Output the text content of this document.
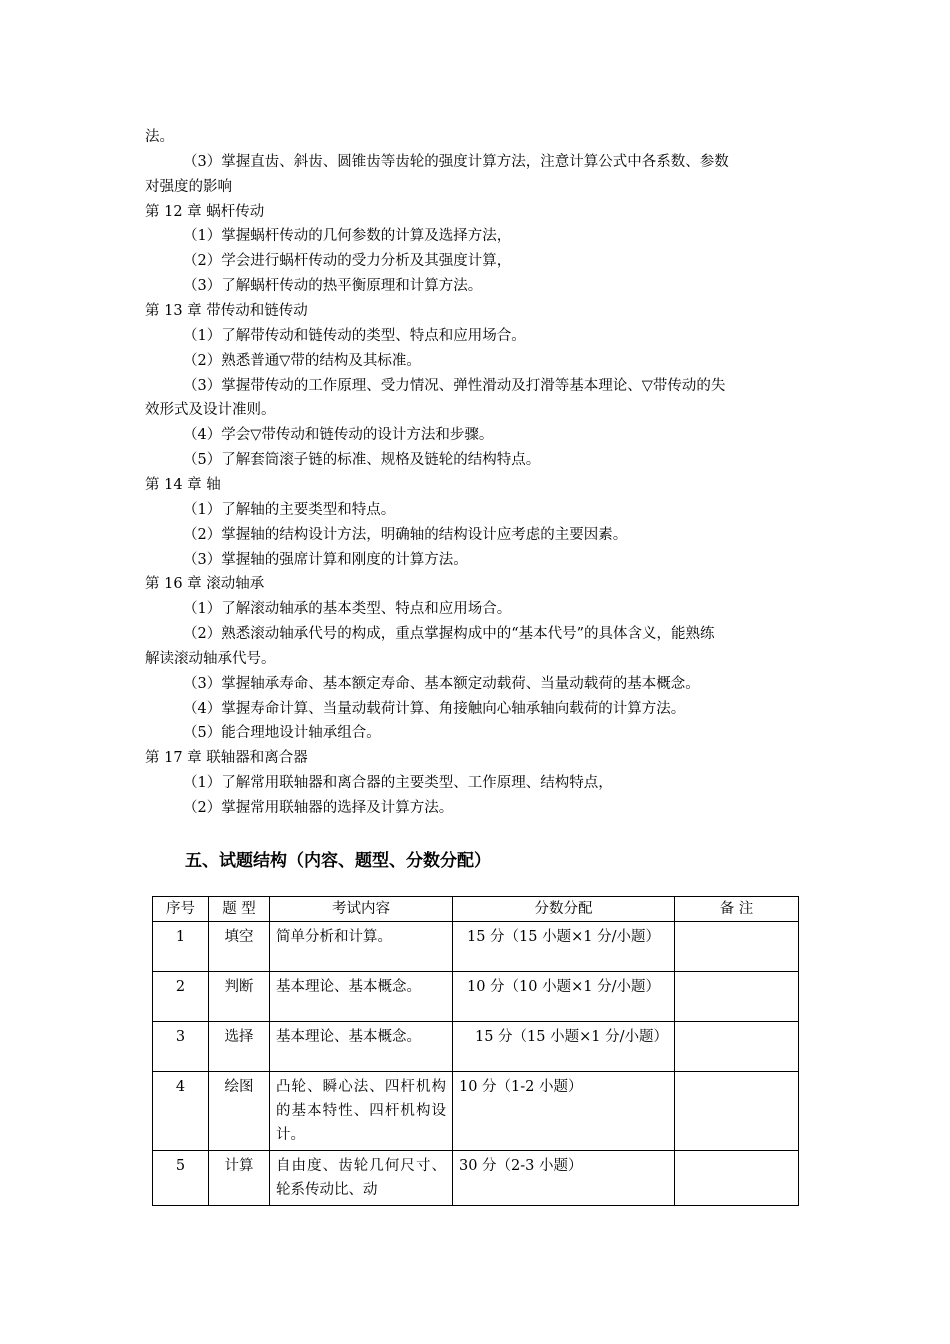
法。
（3）掌握直齿、斜齿、圆锥齿等齿轮的强度计算方法，注意计算公式中各系数、参数
对强度的影响
第 12 章 蜗杆传动
（1）掌握蜗杆传动的几何参数的计算及选择方法，
（2）学会进行蜗杆传动的受力分析及其强度计算，
（3）了解蜗杆传动的热平衡原理和计算方法。
第 13 章 带传动和链传动
（1）了解带传动和链传动的类型、特点和应用场合。
（2）熟悉普通▽带的结构及其标准。
（3）掌握带传动的工作原理、受力情况、弹性滑动及打滑等基本理论、▽带传动的失
效形式及设计准则。
（4）学会▽带传动和链传动的设计方法和步骤。
（5）了解套筒滚子链的标准、规格及链轮的结构特点。
第 14 章 轴
（1）了解轴的主要类型和特点。
（2）掌握轴的结构设计方法，明确轴的结构设计应考虑的主要因素。
（3）掌握轴的强席计算和刚度的计算方法。
第 16 章 滚动轴承
（1）了解滚动轴承的基本类型、特点和应用场合。
（2）熟悉滚动轴承代号的构成，重点掌握构成中的“基本代号”的具体含义，能熟练
解读滚动轴承代号。
（3）掌握轴承寿命、基本额定寿命、基本额定动载荷、当量动载荷的基本概念。
（4）掌握寿命计算、当量动载荷计算、角接触向心轴承轴向载荷的计算方法。
（5）能合理地设计轴承组合。
第 17 章 联轴器和离合器
（1）了解常用联轴器和离合器的主要类型、工作原理、结构特点，
（2）掌握常用联轴器的选择及计算方法。
五、试题结构（内容、题型、分数分配）
序号	题 型	考试内容	分数分配	备 注
1	填空	简单分析和计算。	15 分（15 小题×1 分/小题）	
2	判断	基本理论、基本概念。	10 分（10 小题×1 分/小题）	
3	选择	基本理论、基本概念。	15 分（15 小题×1 分/小题）	
4	绘图	凸轮、瞬心法、四杆机构的基本特性、四杆机构设计。	10 分（1-2 小题）	
5	计算	自由度、齿轮几何尺寸、轮系传动比、动	30 分（2-3 小题）	
